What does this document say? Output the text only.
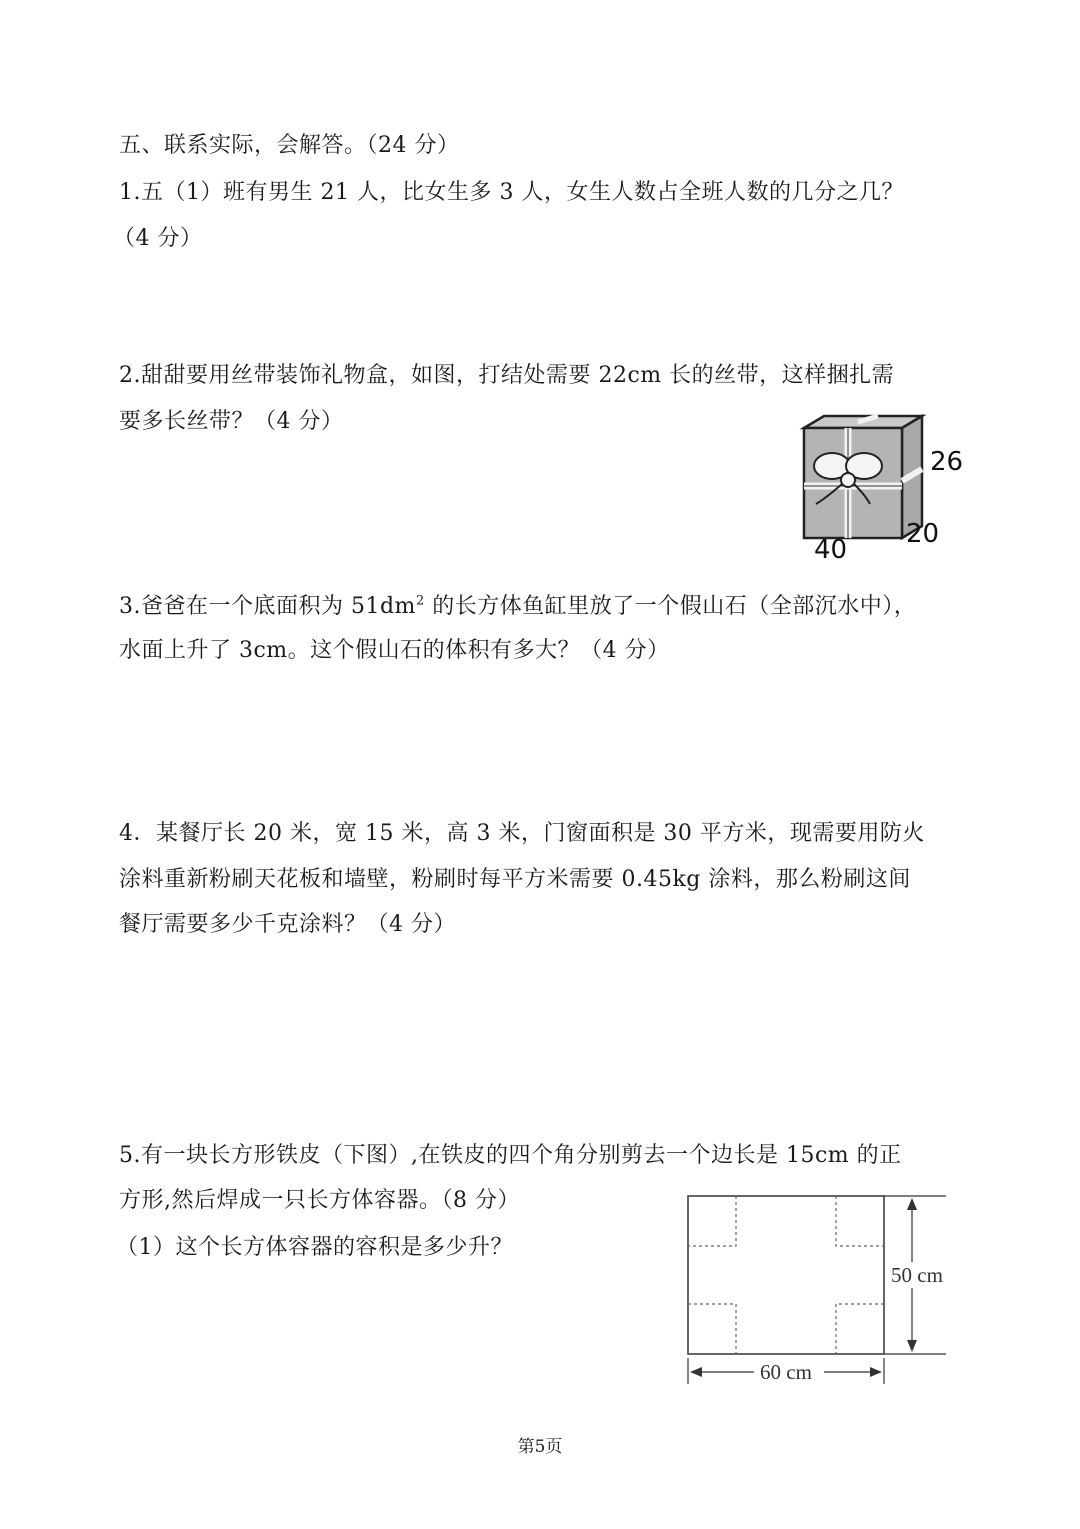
五、联系实际，会解答。（24 分）
1.五（1）班有男生 21 人，比女生多 3 人，女生人数占全班人数的几分之几？
（4 分）
2.甜甜要用丝带装饰礼物盒，如图，打结处需要 22cm 长的丝带，这样捆扎需
要多长丝带？（4 分）
26
20
40
3.爸爸在一个底面积为 $51dm^2$ 的长方体鱼缸里放了一个假山石（全部沉水中），
水面上升了 3cm。这个假山石的体积有多大？（4 分）
4．某餐厅长 20 米，宽 15 米，高 3 米，门窗面积是 30 平方米，现需要用防火
涂料重新粉刷天花板和墙壁，粉刷时每平方米需要 0.45kg 涂料，那么粉刷这间
餐厅需要多少千克涂料？（4 分）
5.有一块长方形铁皮（下图）,在铁皮的四个角分别剪去一个边长是 15cm 的正
方形,然后焊成一只长方体容器。（8 分）
（1）这个长方体容器的容积是多少升？
50 cm
60 cm
第5页
